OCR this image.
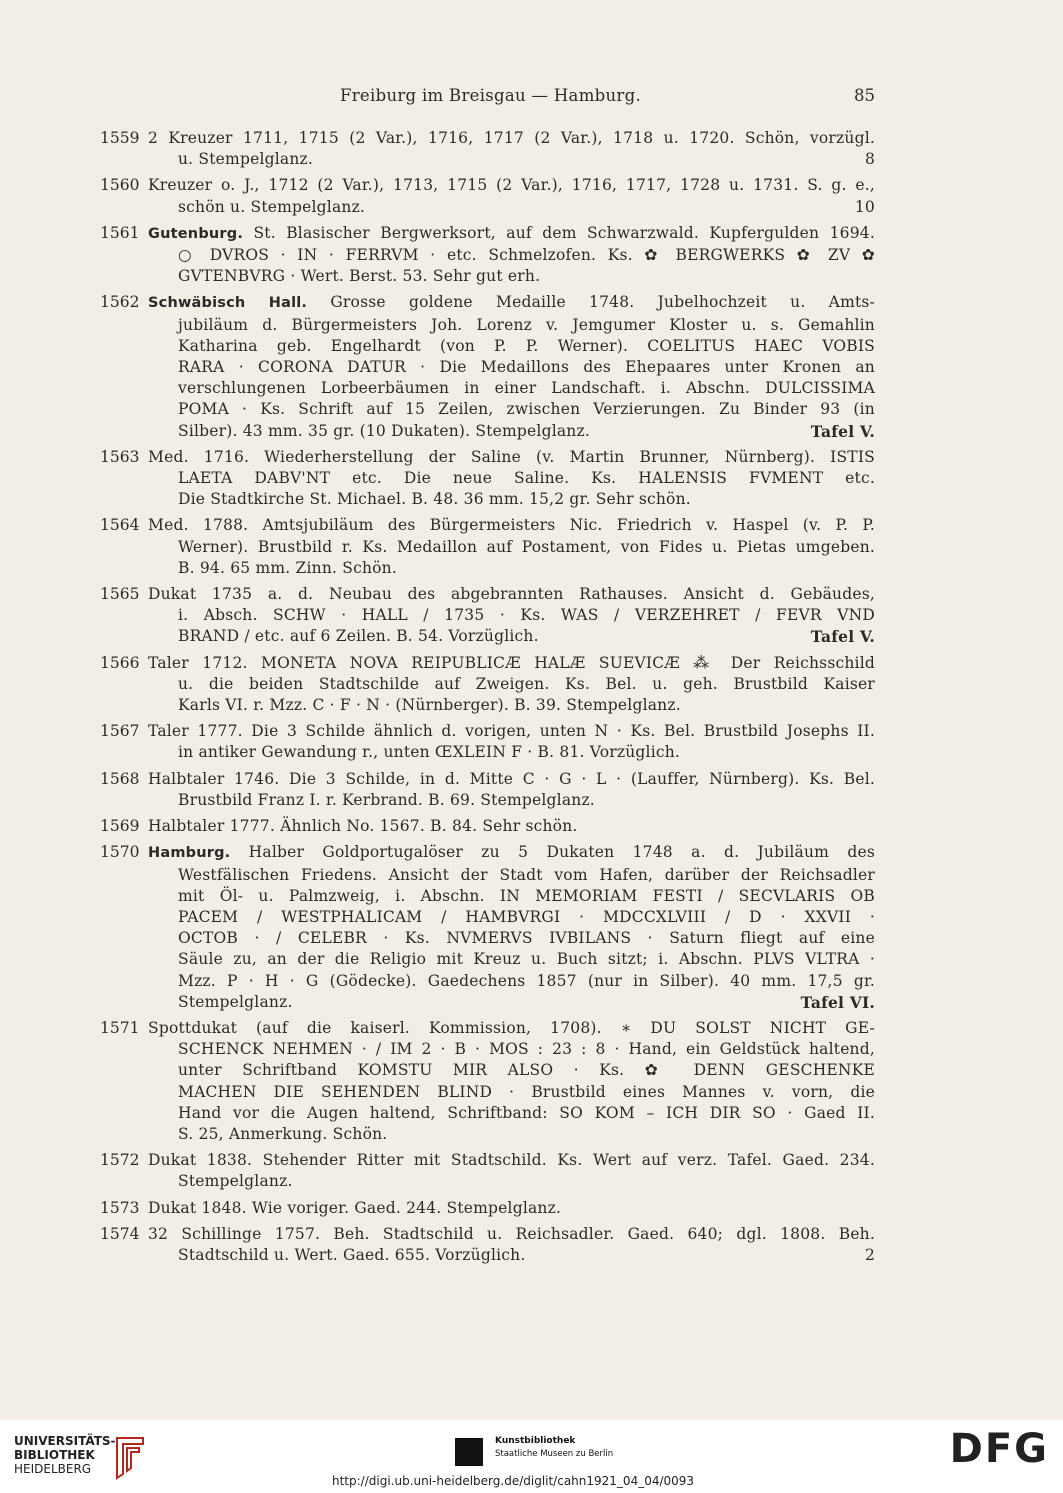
Freiburg im Breisgau — Hamburg.	85
1559 2 Kreuzer 1711, 1715 (2 Var.), 1716, 1717 (2 Var.), 1718 u. 1720. Schön, vorzügl.
u. Stempelglanz.	8
1560 Kreuzer o. J., 1712 (2 Var.), 1713, 1715 (2 Var.), 1716, 1717, 1728 u. 1731. S. g. e.,
schön u. Stempelglanz.	10
1561 Gutenburg. St. Blasischer Bergwerksort, auf dem Schwarzwald. Kupfergulden 1694.
○ DVROS · IN · FERRVM · etc. Schmelzofen. Ks. ✿ BERGWERKS ✿ ZV ✿
GVTENBVRG · Wert. Berst. 53. Sehr gut erh.
1562 Schwäbisch Hall. Grosse goldene Medaille 1748. Jubelhochzeit u. Amts-
jubiläum d. Bürgermeisters Joh. Lorenz v. Jemgumer Kloster u. s. Gemahlin
Katharina geb. Engelhardt (von P. P. Werner). COELITUS HAEC VOBIS
RARA · CORONA DATUR · Die Medaillons des Ehepaares unter Kronen an
verschlungenen Lorbeerbäumen in einer Landschaft. i. Abschn. DULCISSIMA
POMA · Ks. Schrift auf 15 Zeilen, zwischen Verzierungen. Zu Binder 93 (in
Silber). 43 mm. 35 gr. (10 Dukaten). Stempelglanz.	Tafel V.
1563 Med. 1716. Wiederherstellung der Saline (v. Martin Brunner, Nürnberg). ISTIS
LAETA DABV'NT etc. Die neue Saline. Ks. HALENSIS FVMENT etc.
Die Stadtkirche St. Michael. B. 48. 36 mm. 15,2 gr. Sehr schön.
1564 Med. 1788. Amtsjubiläum des Bürgermeisters Nic. Friedrich v. Haspel (v. P. P.
Werner). Brustbild r. Ks. Medaillon auf Postament, von Fides u. Pietas umgeben.
B. 94. 65 mm. Zinn. Schön.
1565 Dukat 1735 a. d. Neubau des abgebrannten Rathauses. Ansicht d. Gebäudes,
i. Absch. SCHW · HALL / 1735 · Ks. WAS / VERZEHRET / FEVR VND
BRAND / etc. auf 6 Zeilen. B. 54. Vorzüglich.	Tafel V.
1566 Taler 1712. MONETA NOVA REIPUBLICÆ HALÆ SUEVICÆ ⁂ Der Reichsschild
u. die beiden Stadtschilde auf Zweigen. Ks. Bel. u. geh. Brustbild Kaiser
Karls VI. r. Mzz. C · F · N · (Nürnberger). B. 39. Stempelglanz.
1567 Taler 1777. Die 3 Schilde ähnlich d. vorigen, unten N · Ks. Bel. Brustbild Josephs II.
in antiker Gewandung r., unten ŒXLEIN F · B. 81. Vorzüglich.
1568 Halbtaler 1746. Die 3 Schilde, in d. Mitte C · G · L · (Lauffer, Nürnberg). Ks. Bel.
Brustbild Franz I. r. Kerbrand. B. 69. Stempelglanz.
1569 Halbtaler 1777. Ähnlich No. 1567. B. 84. Sehr schön.
1570 Hamburg. Halber Goldportugalöser zu 5 Dukaten 1748 a. d. Jubiläum des
Westfälischen Friedens. Ansicht der Stadt vom Hafen, darüber der Reichsadler
mit Öl- u. Palmzweig, i. Abschn. IN MEMORIAM FESTI / SECVLARIS OB
PACEM / WESTPHALICAM / HAMBVRGI · MDCCXLVIII / D · XXVII ·
OCTOB · / CELEBR · Ks. NVMERVS IVBILANS · Saturn fliegt auf eine
Säule zu, an der die Religio mit Kreuz u. Buch sitzt; i. Abschn. PLVS VLTRA ·
Mzz. P · H · G (Gödecke). Gaedechens 1857 (nur in Silber). 40 mm. 17,5 gr.
Stempelglanz.	Tafel VI.
1571 Spottdukat (auf die kaiserl. Kommission, 1708). ∗ DU SOLST NICHT GE-
SCHENCK NEHMEN · / IM 2 · B · MOS : 23 : 8 · Hand, ein Geldstück haltend,
unter Schriftband KOMSTU MIR ALSO · Ks. ✿ DENN GESCHENKE
MACHEN DIE SEHENDEN BLIND · Brustbild eines Mannes v. vorn, die
Hand vor die Augen haltend, Schriftband: SO KOM – ICH DIR SO · Gaed II.
S. 25, Anmerkung. Schön.
1572 Dukat 1838. Stehender Ritter mit Stadtschild. Ks. Wert auf verz. Tafel. Gaed. 234.
Stempelglanz.
1573 Dukat 1848. Wie voriger. Gaed. 244. Stempelglanz.
1574 32 Schillinge 1757. Beh. Stadtschild u. Reichsadler. Gaed. 640; dgl. 1808. Beh.
Stadtschild u. Wert. Gaed. 655. Vorzüglich.	2
UNIVERSITÄTS-
BIBLIOTHEK
HEIDELBERG
Kunstbibliothek
Staatliche Museen zu Berlin	DFG
http://digi.ub.uni-heidelberg.de/diglit/cahn1921_04_04/0093
